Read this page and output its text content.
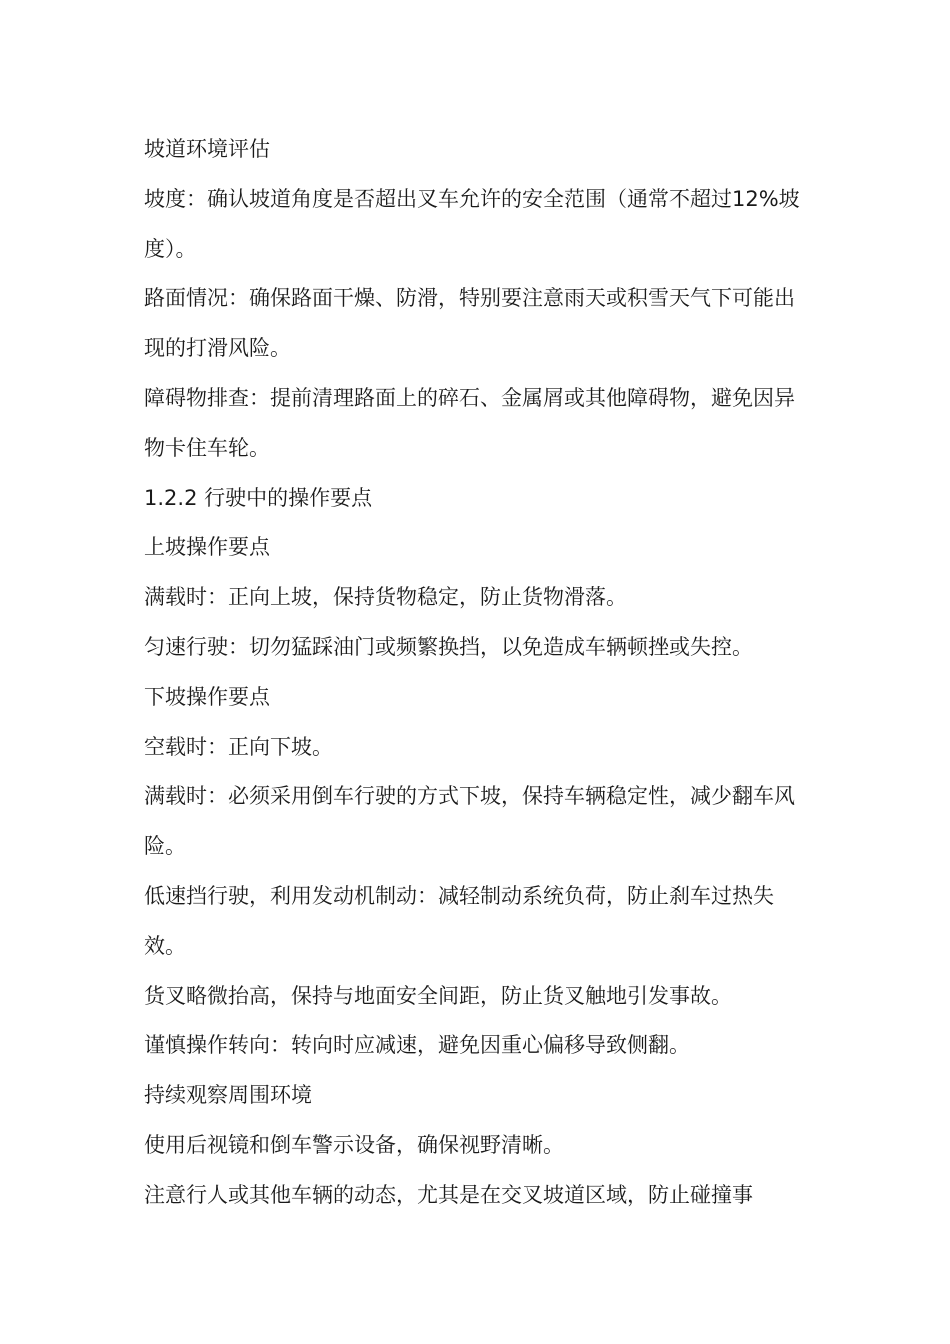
坡道环境评估

坡度：确认坡道角度是否超出叉车允许的安全范围（通常不超过12%坡度）。

路面情况：确保路面干燥、防滑，特别要注意雨天或积雪天气下可能出现的打滑风险。

障碍物排查：提前清理路面上的碎石、金属屑或其他障碍物，避免因异物卡住车轮。

1.2.2 行驶中的操作要点

上坡操作要点

满载时：正向上坡，保持货物稳定，防止货物滑落。

匀速行驶：切勿猛踩油门或频繁换挡，以免造成车辆顿挫或失控。

下坡操作要点

空载时：正向下坡。

满载时：必须采用倒车行驶的方式下坡，保持车辆稳定性，减少翻车风险。

低速挡行驶，利用发动机制动：减轻制动系统负荷，防止刹车过热失效。

货叉略微抬高，保持与地面安全间距，防止货叉触地引发事故。

谨慎操作转向：转向时应减速，避免因重心偏移导致侧翻。

持续观察周围环境

使用后视镜和倒车警示设备，确保视野清晰。

注意行人或其他车辆的动态，尤其是在交叉坡道区域，防止碰撞事
